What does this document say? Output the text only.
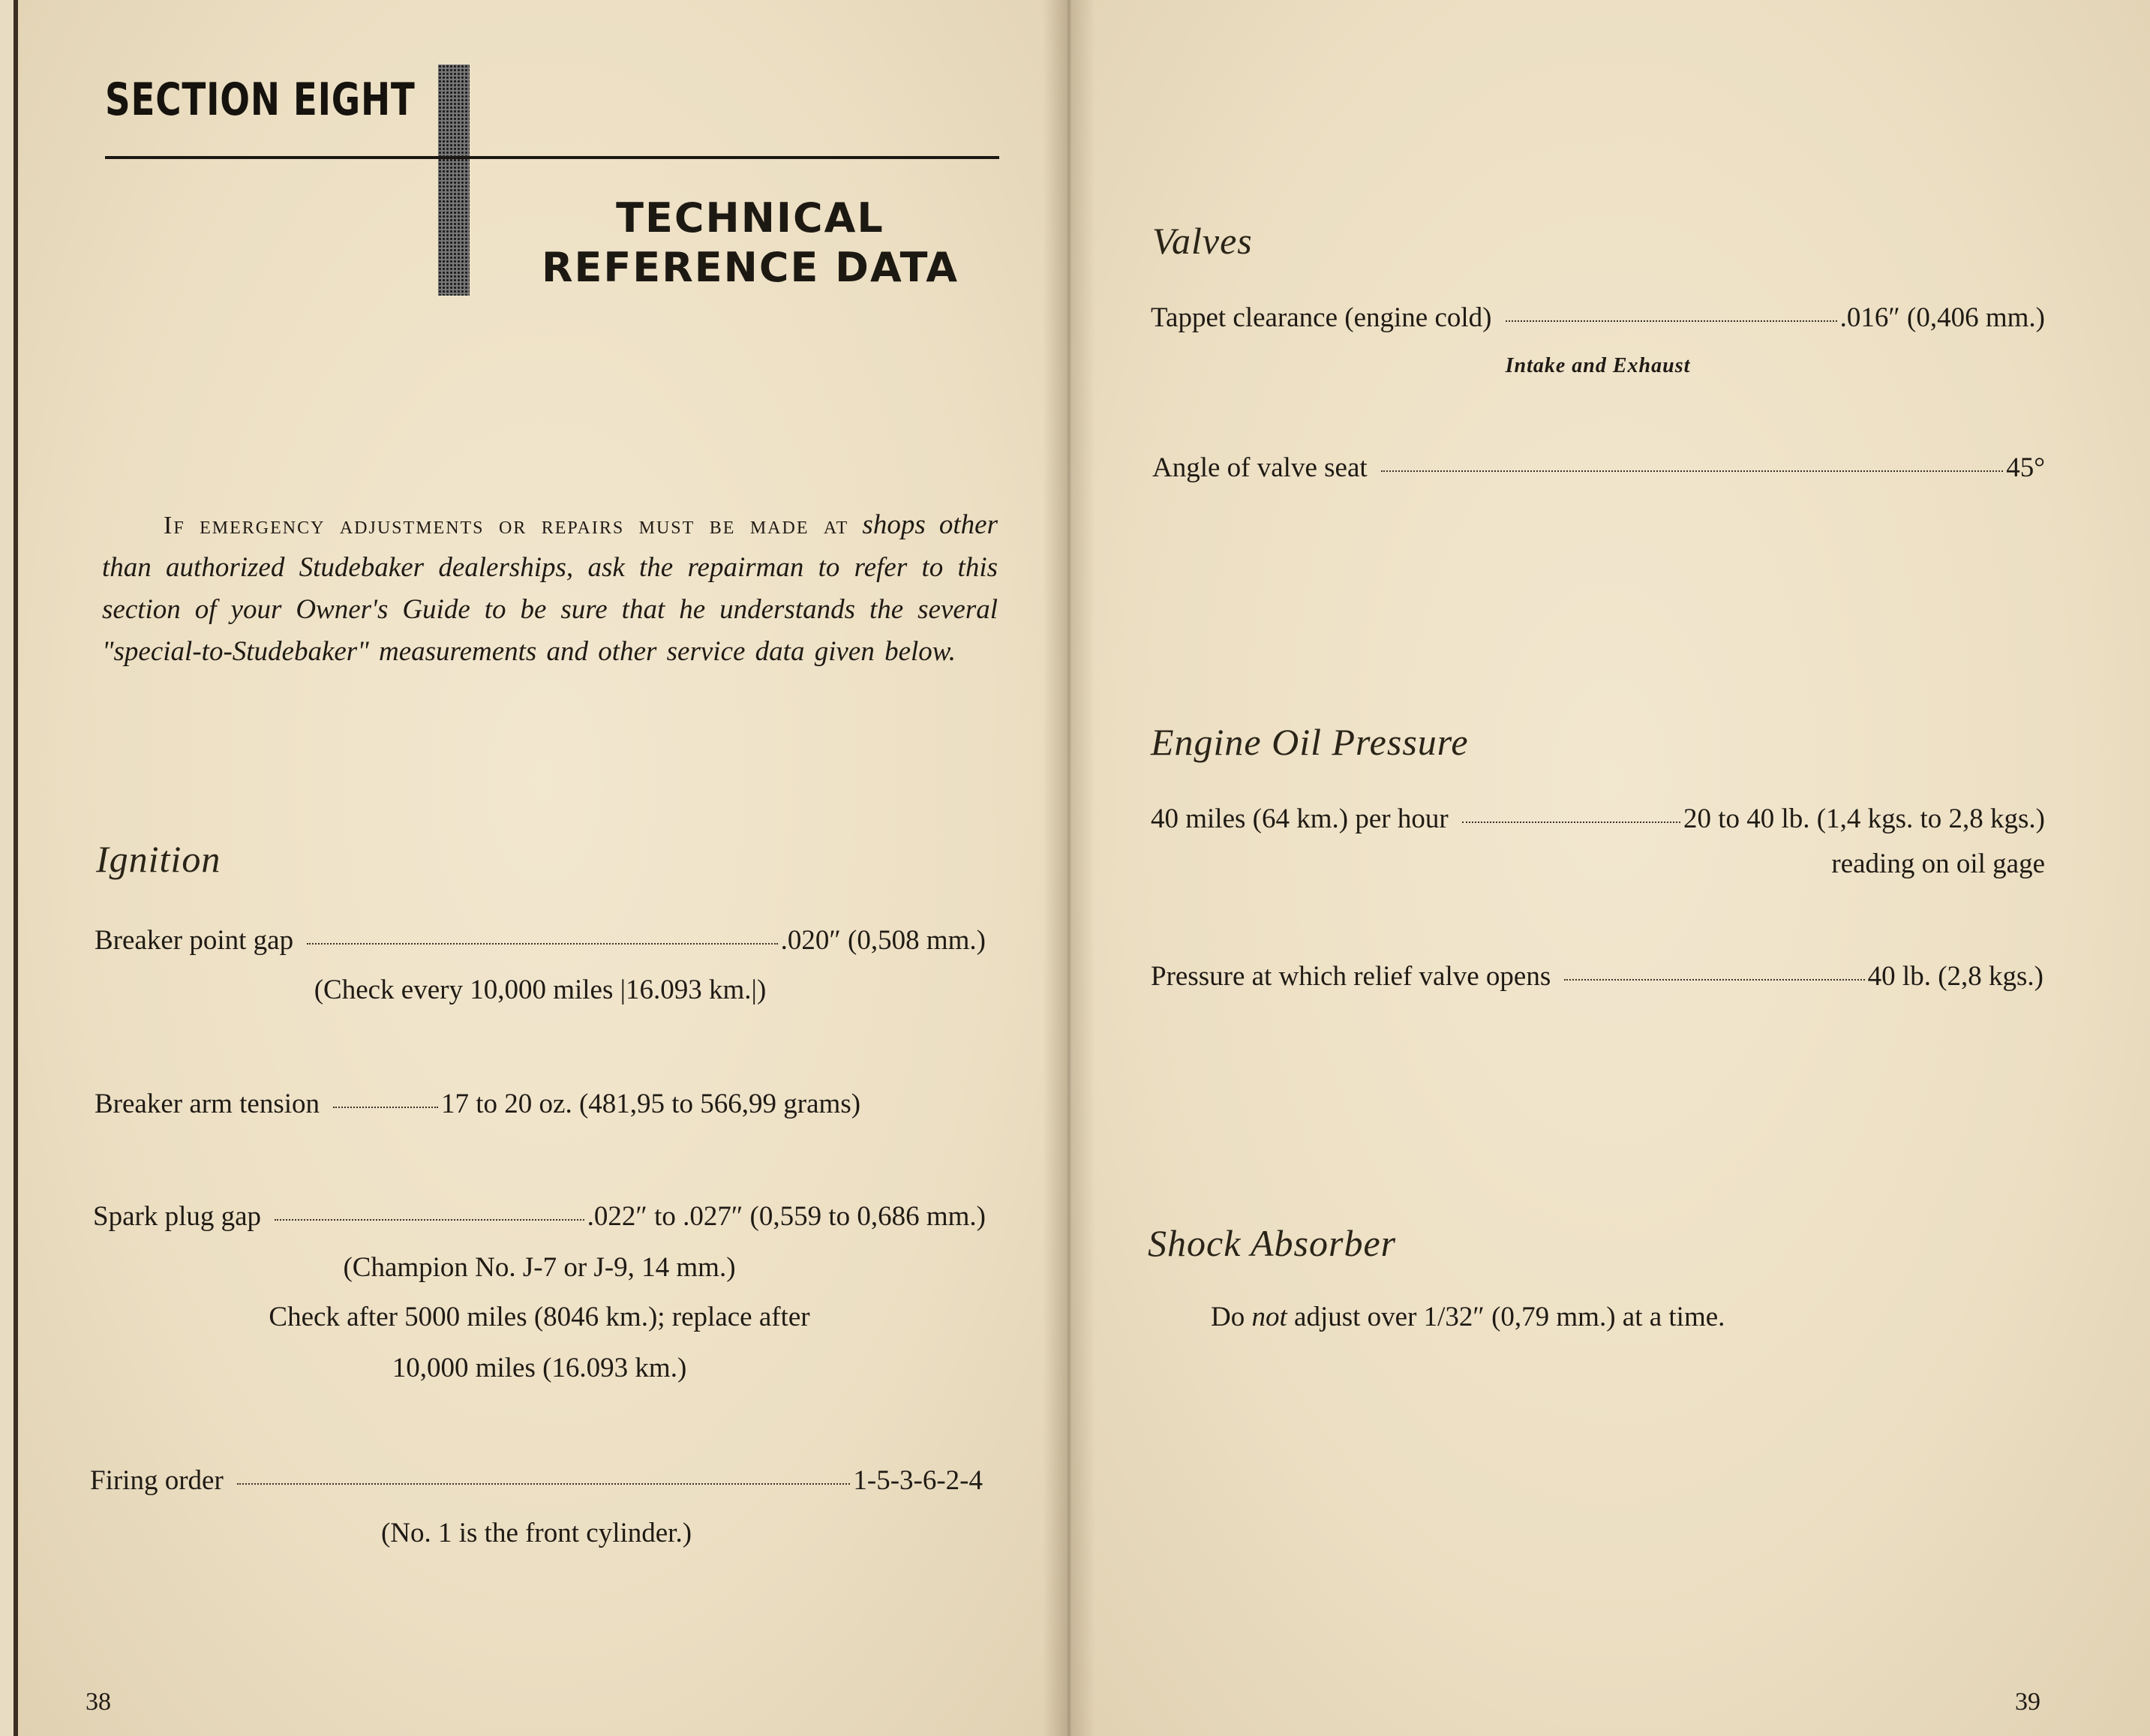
SECTION EIGHT
TECHNICAL
REFERENCE DATA
If emergency adjustments or repairs must be made at shops other than authorized Studebaker dealerships, ask the repairman to refer to this section of your Owner's Guide to be sure that he understands the several "special-to-Studebaker" measurements and other service data given below.
Ignition
Breaker point gap	.020″ (0,508 mm.)
(Check every 10,000 miles |16.093 km.|)
Breaker arm tension	17 to 20 oz. (481,95 to 566,99 grams)
Spark plug gap	.022″ to .027″ (0,559 to 0,686 mm.)
(Champion No. J-7 or J-9, 14 mm.)
Check after 5000 miles (8046 km.); replace after
10,000 miles (16.093 km.)
Firing order	1-5-3-6-2-4
(No. 1 is the front cylinder.)
38
Valves
Tappet clearance (engine cold)	.016″ (0,406 mm.)
Intake and Exhaust
Angle of valve seat	45°
Engine Oil Pressure
40 miles (64 km.) per hour	20 to 40 lb. (1,4 kgs. to 2,8 kgs.)
reading on oil gage
Pressure at which relief valve opens	40 lb. (2,8 kgs.)
Shock Absorber
Do not adjust over 1/32″ (0,79 mm.) at a time.
39
